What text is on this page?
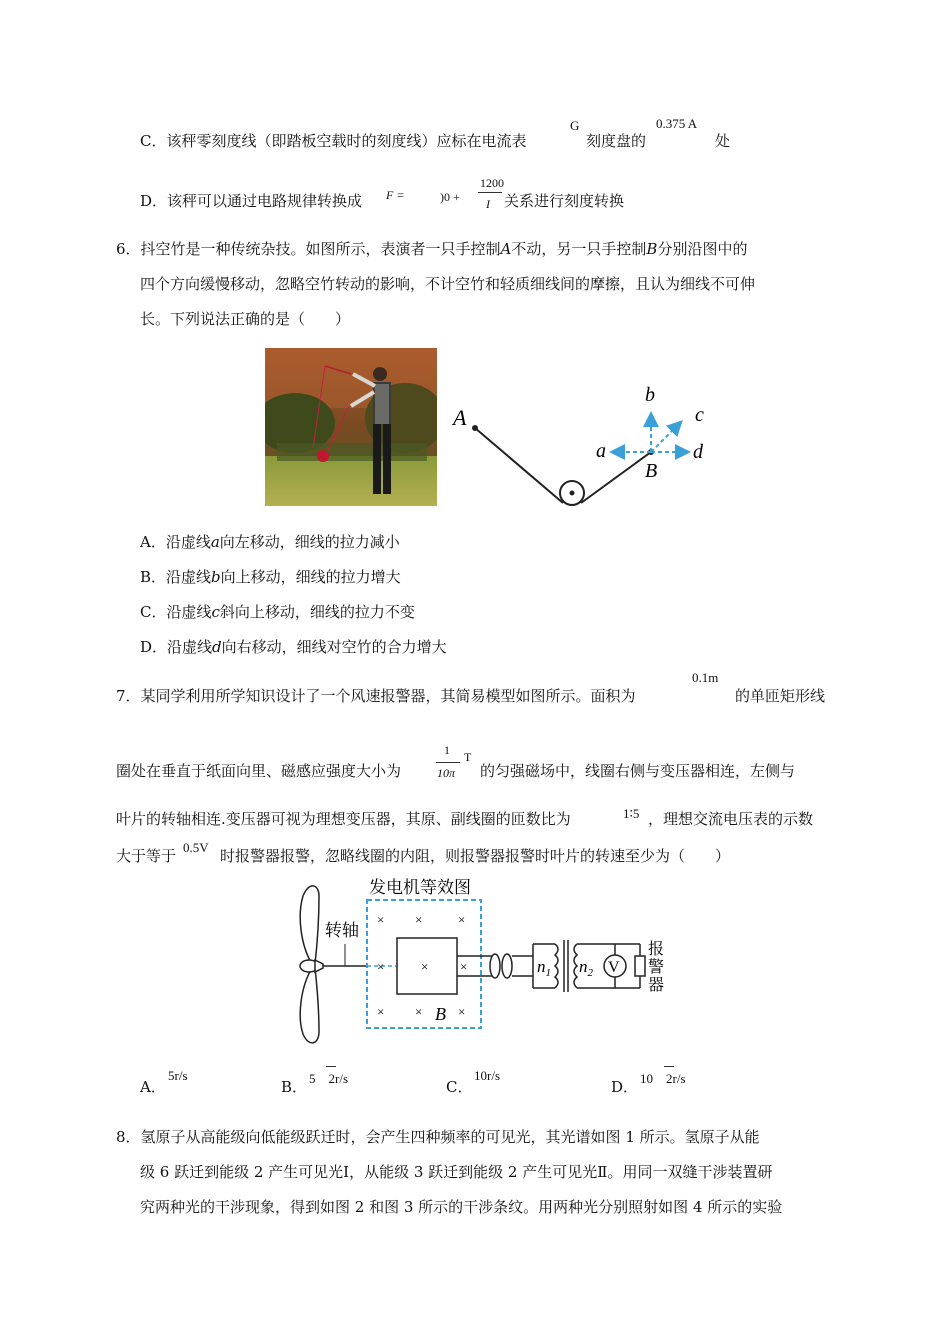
C．该秤零刻度线（即踏板空载时的刻度线）应标在电流表
G
刻度盘的
0.375 A
处
D．该秤可以通过电路规律转换成 F =	)0 +
1200
I 关系进行刻度转换
6．抖空竹是一种传统杂技。如图所示，表演者一只手控制A不动，另一只手控制B分别沿图中的
四个方向缓慢移动，忽略空竹转动的影响，不计空竹和轻质细线间的摩擦，且认为细线不可伸
长。下列说法正确的是（　　）
A
B
a
b
c
d
A．沿虚线a向左移动，细线的拉力减小
B．沿虚线b向上移动，细线的拉力增大
C．沿虚线c斜向上移动，细线的拉力不变
D．沿虚线d向右移动，细线对空竹的合力增大
7．某同学利用所学知识设计了一个风速报警器，其简易模型如图所示。面积为
0.1m
的单匝矩形线
圈处在垂直于纸面向里、磁感应强度大小为
1
10π
T
的匀强磁场中，线圈右侧与变压器相连，左侧与
叶片的转轴相连.变压器可视为理想变压器，其原、副线圈的匝数比为	1∶5 ，理想交流电压表的示数
大于等于 0.5V 时报警器报警，忽略线圈的内阻，则报警器报警时叶片的转速至少为（　　）
转轴
发电机等效图
× ×	×
×	× ×
× ×	×
B
$n_1$ $n_2$ V
报
警
器
A．
5r/s
B． 5　2r/s	C．
10r/s
D． 10　2r/s
8．氢原子从高能级向低能级跃迁时，会产生四种频率的可见光，其光谱如图 1 所示。氢原子从能
级 6 跃迁到能级 2 产生可见光Ⅰ，从能级 3 跃迁到能级 2 产生可见光Ⅱ。用同一双缝干涉装置研
究两种光的干涉现象，得到如图 2 和图 3 所示的干涉条纹。用两种光分别照射如图 4 所示的实验
